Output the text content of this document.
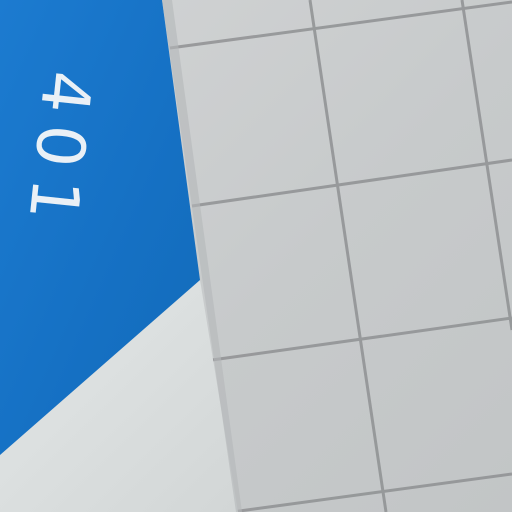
401
